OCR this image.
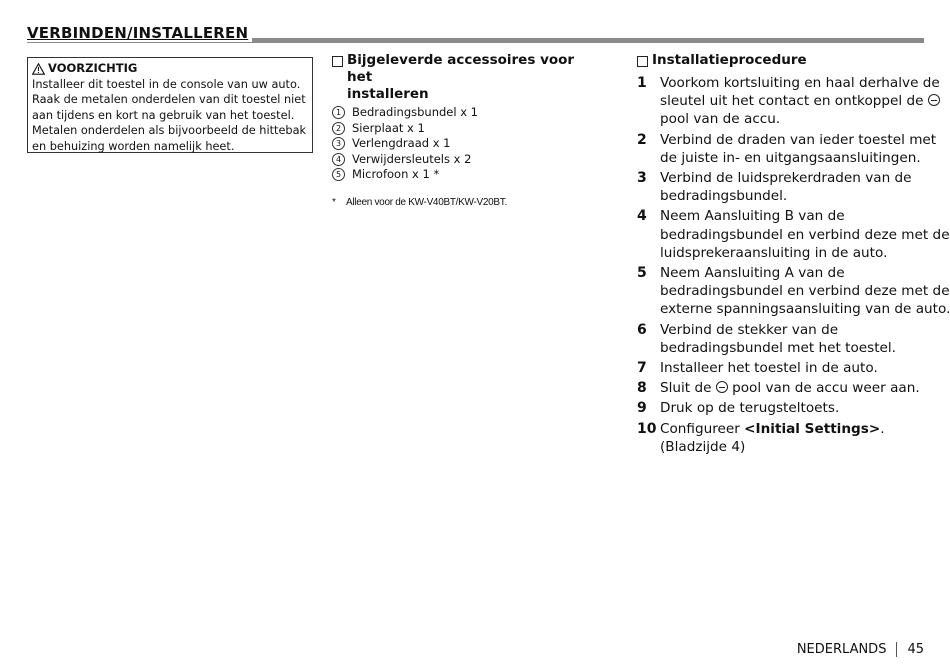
VERBINDEN/INSTALLEREN
VOORZICHTIG
Installeer dit toestel in de console van uw auto.
Raak de metalen onderdelen van dit toestel niet
aan tijdens en kort na gebruik van het toestel.
Metalen onderdelen als bijvoorbeeld de hittebak
en behuizing worden namelijk heet.
Bijgeleverde accessoires voor het
installeren
1 Bedradingsbundel x 1
2 Sierplaat x 1
3 Verlengdraad x 1
4 Verwijdersleutels x 2
5 Microfoon x 1 *
*	Alleen voor de KW-V40BT/KW-V20BT.
Installatieprocedure
1 Voorkom kortsluiting en haal derhalve de
sleutel uit het contact en ontkoppel de
pool van de accu.
2 Verbind de draden van ieder toestel met
de juiste in- en uitgangsaansluitingen.
3 Verbind de luidsprekerdraden van de
bedradingsbundel.
4 Neem Aansluiting B van de
bedradingsbundel en verbind deze met de
luidsprekeraansluiting in de auto.
5 Neem Aansluiting A van de
bedradingsbundel en verbind deze met de
externe spanningsaansluiting van de auto.
6 Verbind de stekker van de
bedradingsbundel met het toestel.
7 Installeer het toestel in de auto.
8 Sluit de pool van de accu weer aan.
9 Druk op de terugsteltoets.
10 Configureer <Initial Settings>.
(Bladzijde 4)
NEDERLANDS 45
